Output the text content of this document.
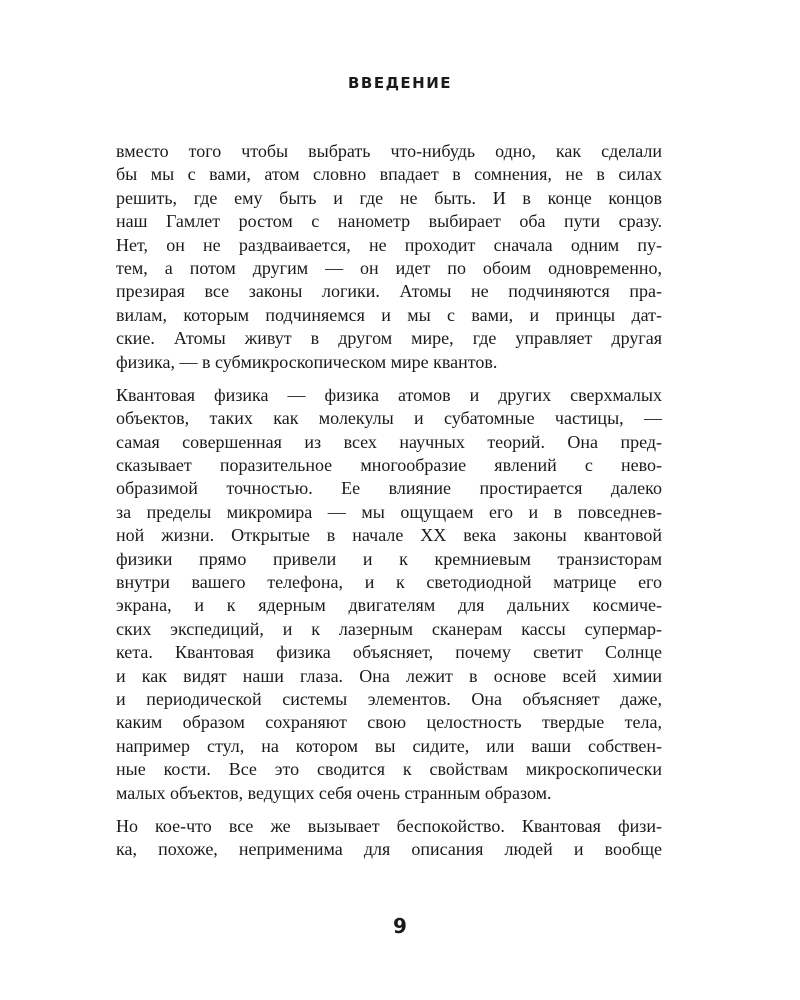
ВВЕДЕНИЕ
вместо того чтобы выбрать что-нибудь одно, как сделали
бы мы с вами, атом словно впадает в сомнения, не в силах
решить, где ему быть и где не быть. И в конце концов
наш Гамлет ростом с нанометр выбирает оба пути сразу.
Нет, он не раздваивается, не проходит сначала одним пу-
тем, а потом другим — он идет по обоим одновременно,
презирая все законы логики. Атомы не подчиняются пра-
вилам, которым подчиняемся и мы с вами, и принцы дат-
ские. Атомы живут в другом мире, где управляет другая
физика, — в субмикроскопическом мире квантов.
Квантовая физика — физика атомов и других сверхмалых
объектов, таких как молекулы и субатомные частицы, —
самая совершенная из всех научных теорий. Она пред-
сказывает поразительное многообразие явлений с нево-
образимой точностью. Ее влияние простирается далеко
за пределы микромира — мы ощущаем его и в повседнев-
ной жизни. Открытые в начале XX века законы квантовой
физики прямо привели и к кремниевым транзисторам
внутри вашего телефона, и к светодиодной матрице его
экрана, и к ядерным двигателям для дальних космиче-
ских экспедиций, и к лазерным сканерам кассы супермар-
кета. Квантовая физика объясняет, почему светит Солнце
и как видят наши глаза. Она лежит в основе всей химии
и периодической системы элементов. Она объясняет даже,
каким образом сохраняют свою целостность твердые тела,
например стул, на котором вы сидите, или ваши собствен-
ные кости. Все это сводится к свойствам микроскопически
малых объектов, ведущих себя очень странным образом.
Но кое-что все же вызывает беспокойство. Квантовая физи-
ка, похоже, неприменима для описания людей и вообще
9
